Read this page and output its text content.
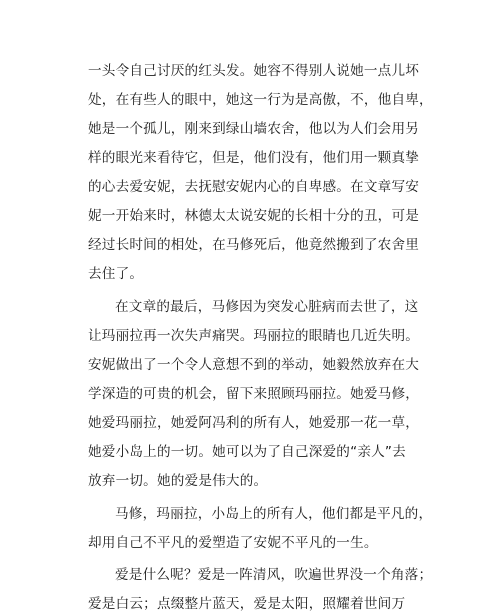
一头令自己讨厌的红头发。她容不得别人说她一点儿坏
处，在有些人的眼中，她这一行为是高傲，不，他自卑，
她是一个孤儿，刚来到绿山墙农舍，他以为人们会用另
样的眼光来看待它，但是，他们没有，他们用一颗真挚
的心去爱安妮，去抚慰安妮内心的自卑感。在文章写安
妮一开始来时，林德太太说安妮的长相十分的丑，可是
经过长时间的相处，在马修死后，他竟然搬到了农舍里
去住了。
在文章的最后，马修因为突发心脏病而去世了，这
让玛丽拉再一次失声痛哭。玛丽拉的眼睛也几近失明。
安妮做出了一个令人意想不到的举动，她毅然放弃在大
学深造的可贵的机会，留下来照顾玛丽拉。她爱马修，
她爱玛丽拉，她爱阿冯利的所有人，她爱那一花一草，
她爱小岛上的一切。她可以为了自己深爱的“亲人”去
放弃一切。她的爱是伟大的。
马修，玛丽拉，小岛上的所有人，他们都是平凡的，
却用自己不平凡的爱塑造了安妮不平凡的一生。
爱是什么呢？爱是一阵清风，吹遍世界没一个角落；
爱是白云；点缀整片蓝天，爱是太阳，照耀着世间万
